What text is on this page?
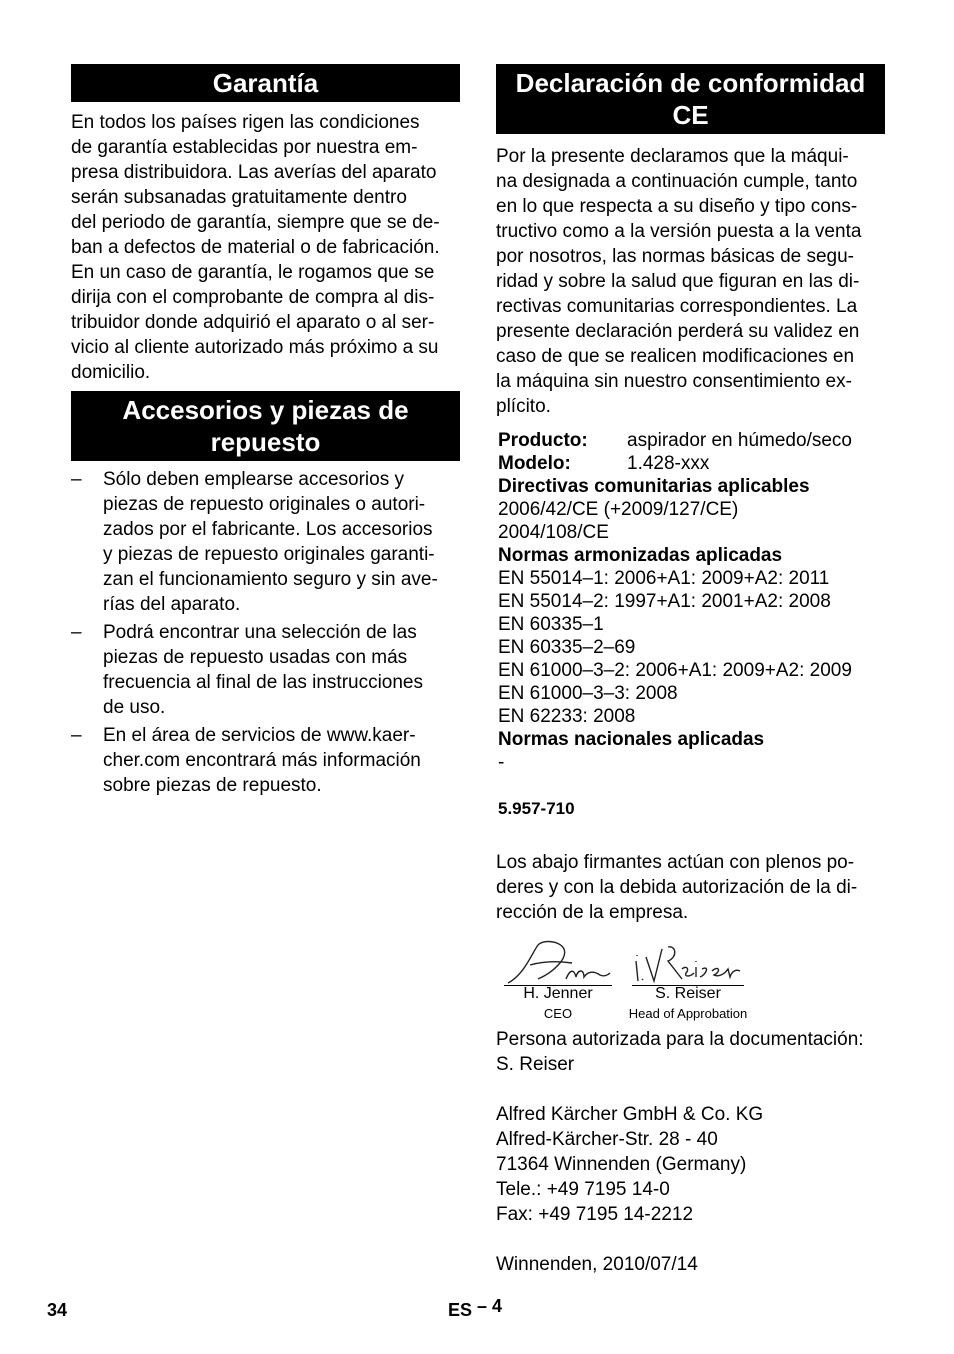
Garantía

En todos los países rigen las condiciones
de garantía establecidas por nuestra em-
presa distribuidora. Las averías del aparato
serán subsanadas gratuitamente dentro
del periodo de garantía, siempre que se de-
ban a defectos de material o de fabricación.
En un caso de garantía, le rogamos que se
dirija con el comprobante de compra al dis-
tribuidor donde adquirió el aparato o al ser-
vicio al cliente autorizado más próximo a su
domicilio.

Accesorios y piezas de repuesto
– Sólo deben emplearse accesorios y
piezas de repuesto originales o autori-
zados por el fabricante. Los accesorios
y piezas de repuesto originales garanti-
zan el funcionamiento seguro y sin ave-
rías del aparato.
– Podrá encontrar una selección de las
piezas de repuesto usadas con más
frecuencia al final de las instrucciones
de uso.
– En el área de servicios de www.kaer-
cher.com encontrará más información
sobre piezas de repuesto.
Declaración de conformidad CE

Por la presente declaramos que la máqui-
na designada a continuación cumple, tanto
en lo que respecta a su diseño y tipo cons-
tructivo como a la versión puesta a la venta
por nosotros, las normas básicas de segu-
ridad y sobre la salud que figuran en las di-
rectivas comunitarias correspondientes. La
presente declaración perderá su validez en
caso de que se realicen modificaciones en
la máquina sin nuestro consentimiento ex-
plícito.

Producto:	aspirador en húmedo/seco
Modelo:	1.428-xxx
Directivas comunitarias aplicables
2006/42/CE (+2009/127/CE)
2004/108/CE
Normas armonizadas aplicadas
EN 55014–1: 2006+A1: 2009+A2: 2011
EN 55014–2: 1997+A1: 2001+A2: 2008
EN 60335–1
EN 60335–2–69
EN 61000–3–2: 2006+A1: 2009+A2: 2009
EN 61000–3–3: 2008
EN 62233: 2008
Normas nacionales aplicadas
-
5.957-710

Los abajo firmantes actúan con plenos po-
deres y con la debida autorización de la di-
rección de la empresa.

H. Jenner
CEO
S. Reiser
Head of Approbation

Persona autorizada para la documentación:
S. Reiser

Alfred Kärcher GmbH & Co. KG
Alfred-Kärcher-Str. 28 - 40
71364 Winnenden (Germany)
Tele.: +49 7195 14-0
Fax: +49 7195 14-2212

Winnenden, 2010/07/14

34	ES – 4
